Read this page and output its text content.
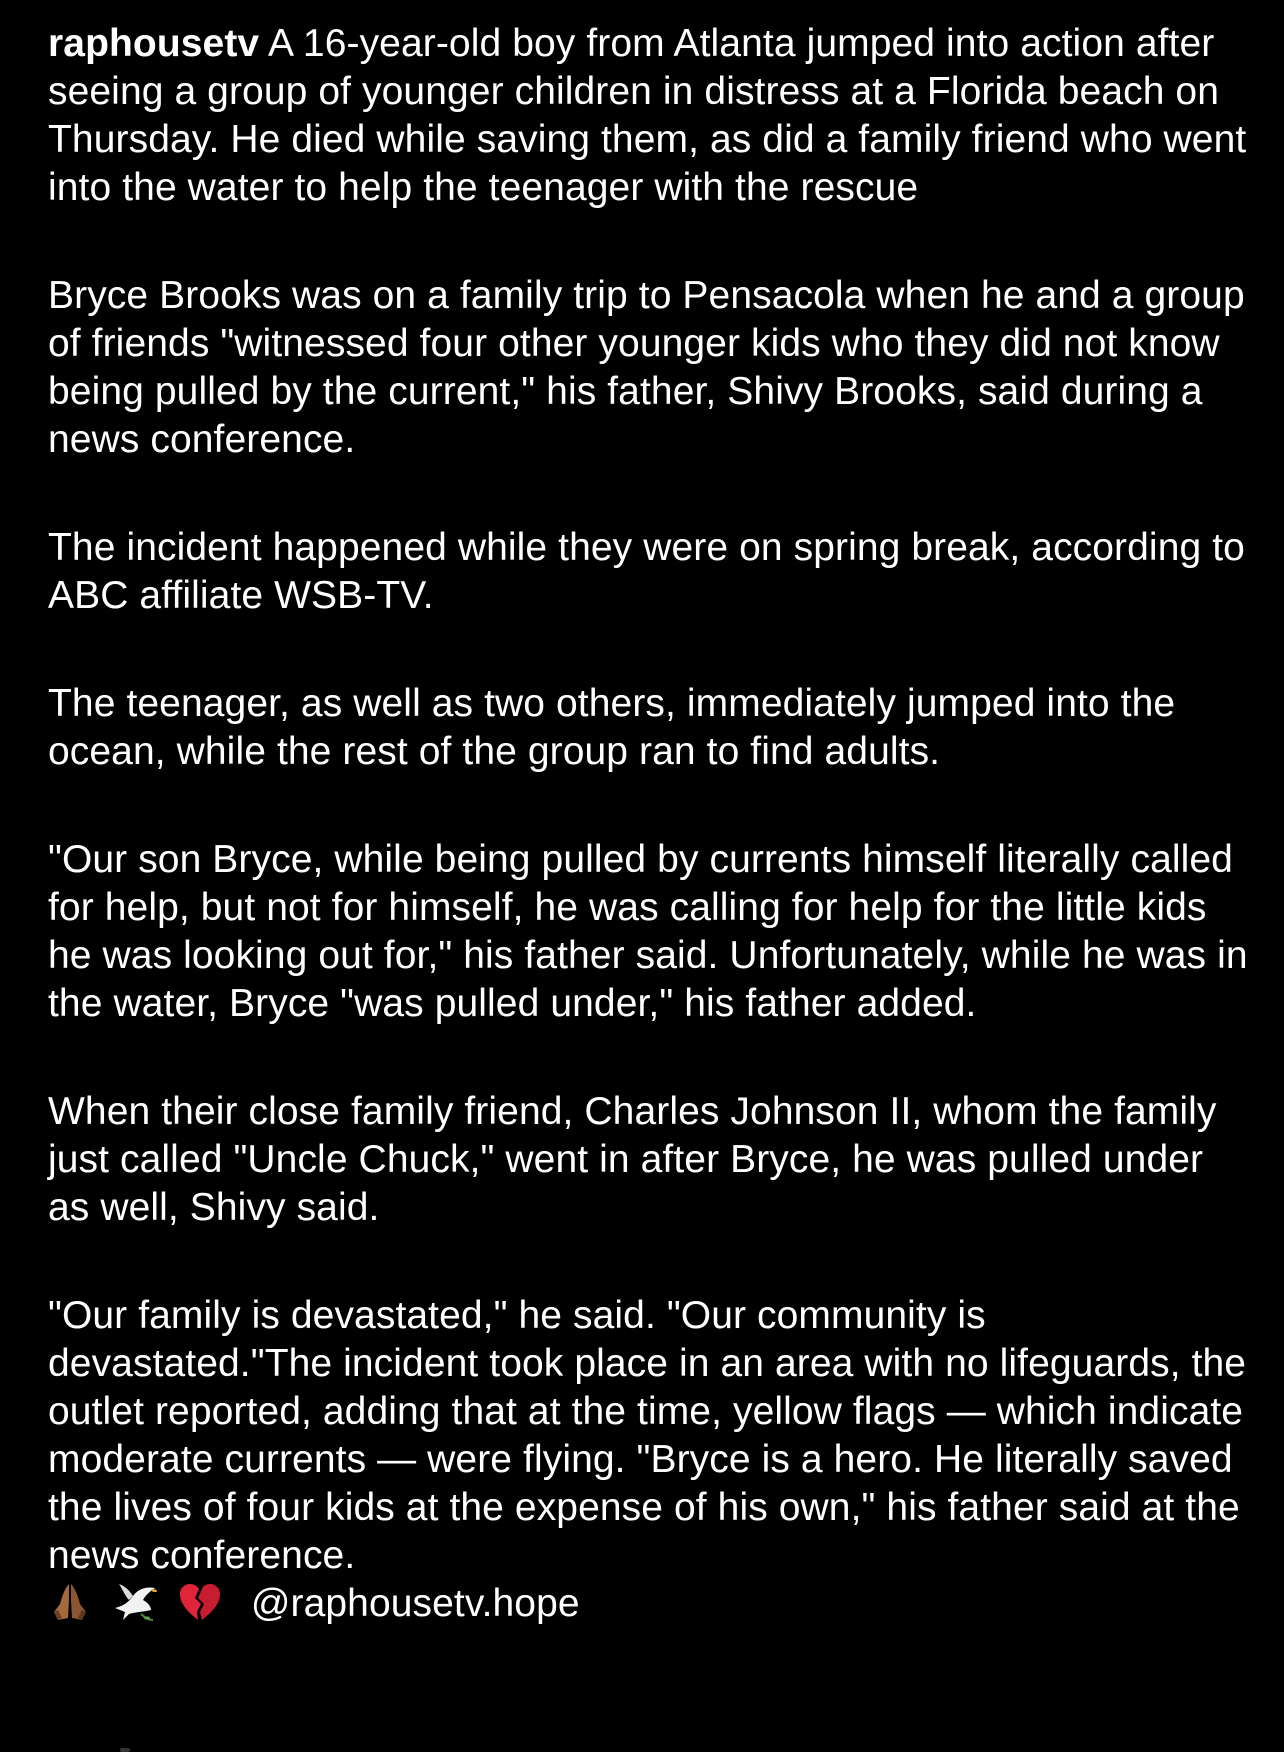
raphousetv A 16-year-old boy from Atlanta jumped into action after seeing a group of younger children in distress at a Florida beach on Thursday. He died while saving them, as did a family friend who went into the water to help the teenager with the rescue

Bryce Brooks was on a family trip to Pensacola when he and a group of friends "witnessed four other younger kids who they did not know being pulled by the current," his father, Shivy Brooks, said during a news conference.

The incident happened while they were on spring break, according to ABC affiliate WSB-TV.

The teenager, as well as two others, immediately jumped into the ocean, while the rest of the group ran to find adults.

"Our son Bryce, while being pulled by currents himself literally called for help, but not for himself, he was calling for help for the little kids he was looking out for," his father said. Unfortunately, while he was in the water, Bryce "was pulled under," his father added.

When their close family friend, Charles Johnson II, whom the family just called "Uncle Chuck," went in after Bryce, he was pulled under as well, Shivy said.

"Our family is devastated," he said. "Our community is devastated."The incident took place in an area with no lifeguards, the outlet reported, adding that at the time, yellow flags — which indicate moderate currents — were flying. "Bryce is a hero. He literally saved the lives of four kids at the expense of his own," his father said at the news conference.

@raphousetv.hope
